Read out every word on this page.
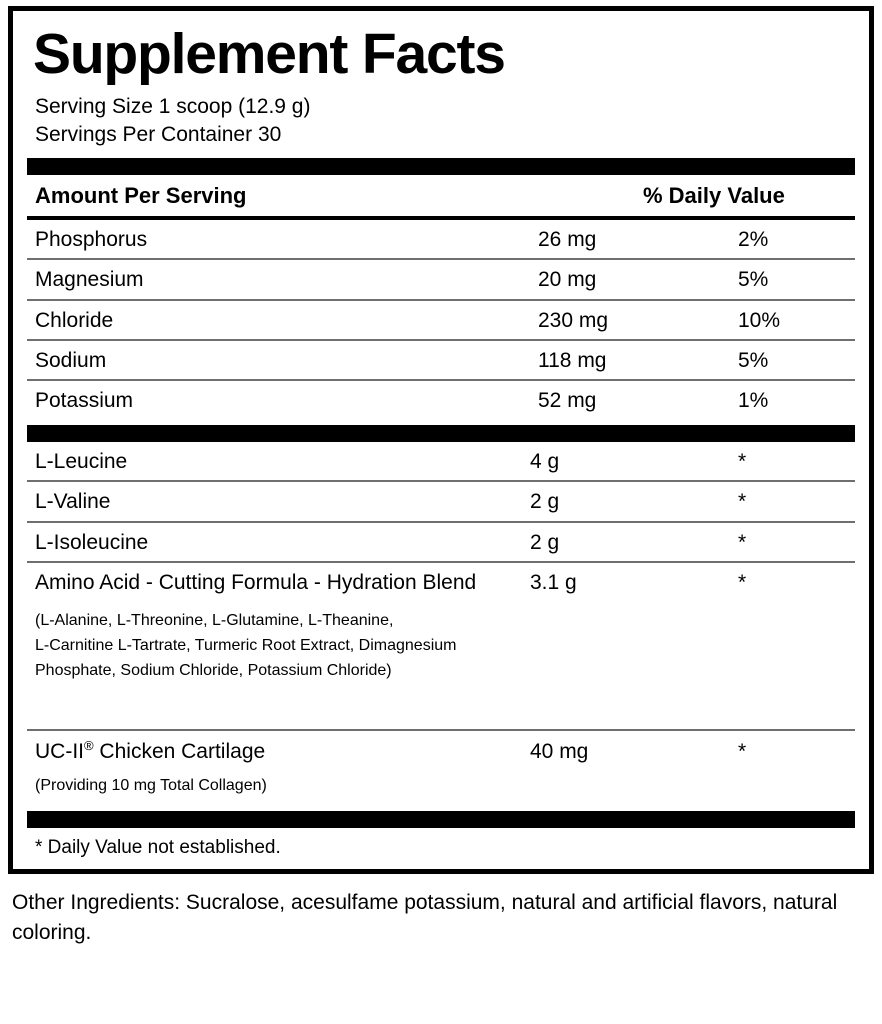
Supplement Facts
Serving Size 1 scoop (12.9 g)
Servings Per Container 30
Amount Per Serving	% Daily Value
Phosphorus	26 mg	2%
Magnesium	20 mg	5%
Chloride	230 mg	10%
Sodium	118 mg	5%
Potassium	52 mg	1%
L-Leucine	4 g	*
L-Valine	2 g	*
L-Isoleucine	2 g	*
Amino Acid - Cutting Formula - Hydration Blend	3.1 g	*
(L-Alanine, L-Threonine, L-Glutamine, L-Theanine,
L-Carnitine L-Tartrate, Turmeric Root Extract, Dimagnesium
Phosphate, Sodium Chloride, Potassium Chloride)
UC-II® Chicken Cartilage	40 mg	*
(Providing 10 mg Total Collagen)
* Daily Value not established.
Other Ingredients: Sucralose, acesulfame potassium, natural and artificial flavors, natural coloring.
